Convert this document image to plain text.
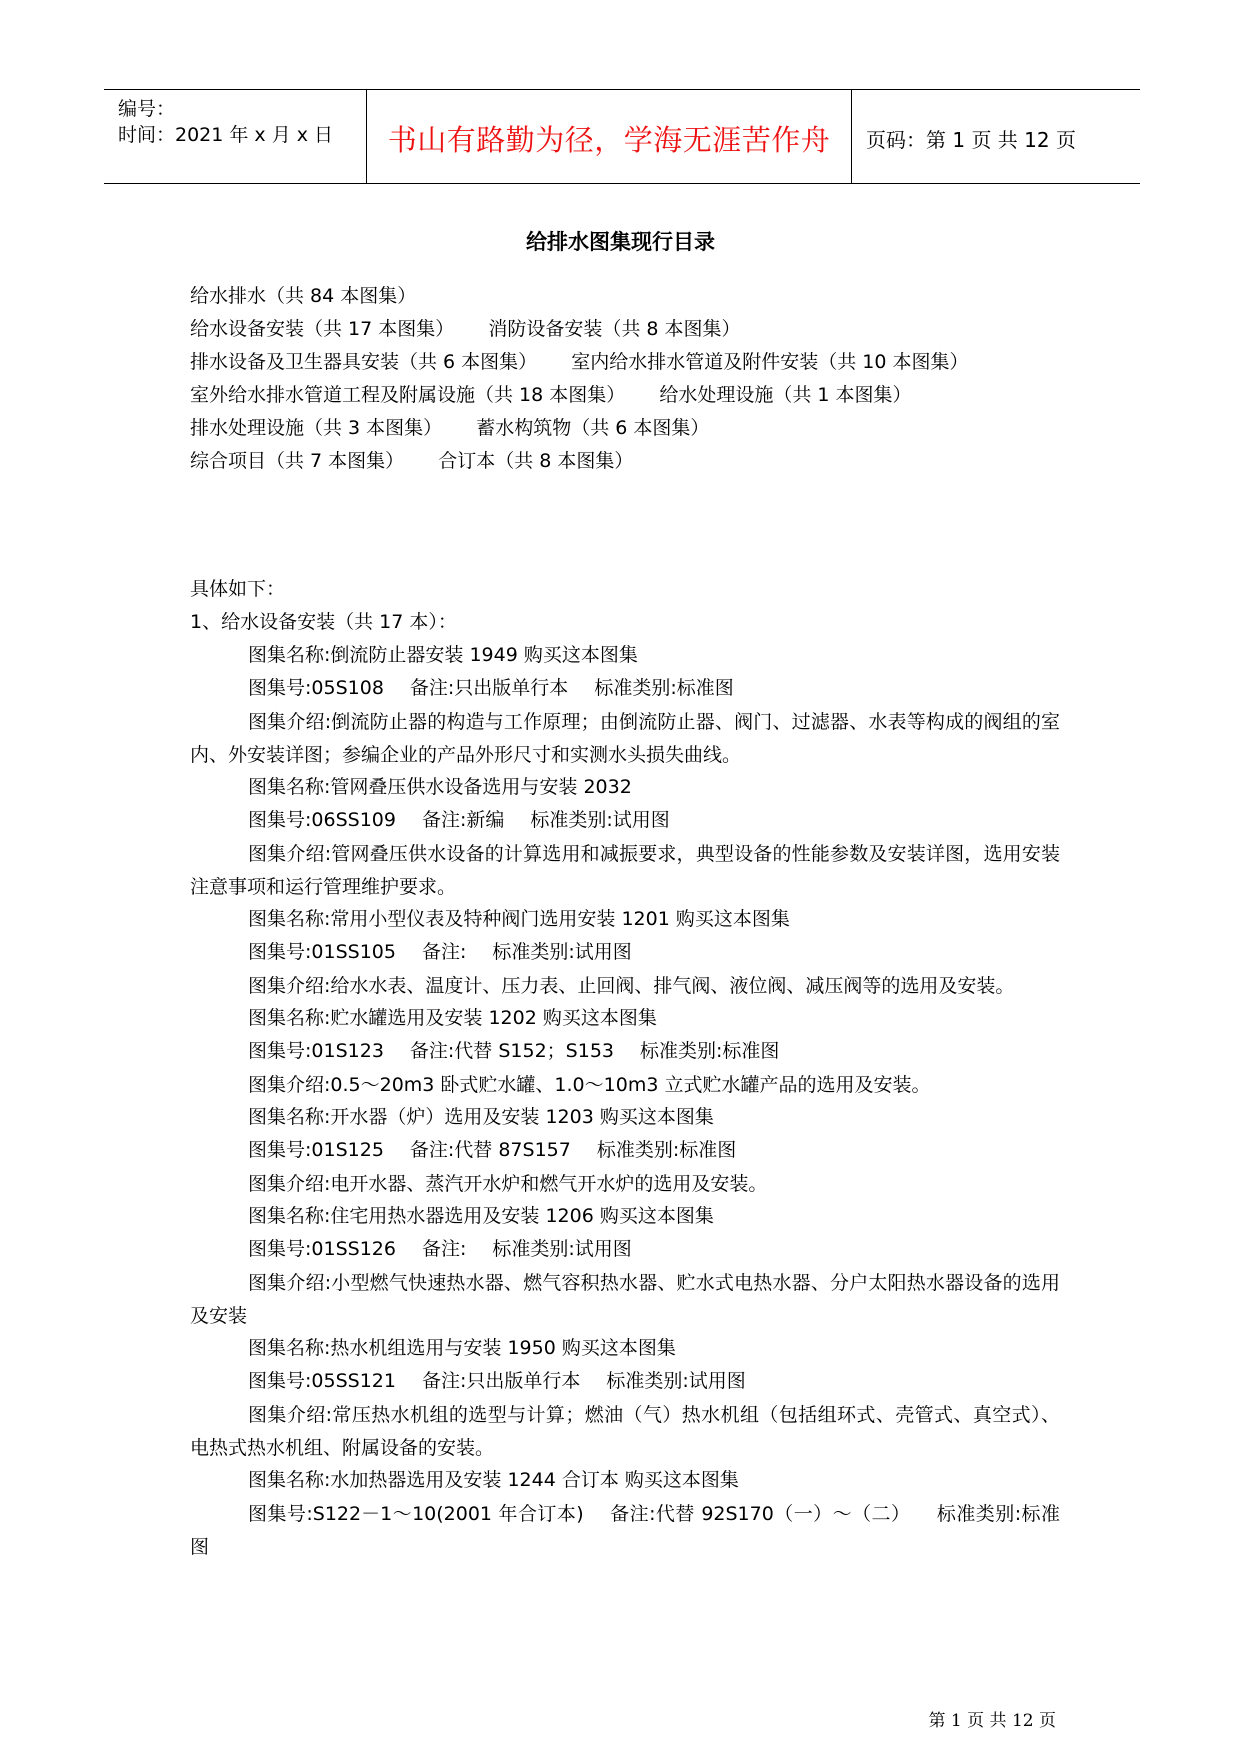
编号：
时间：2021 年 x 月 x 日	书山有路勤为径，学海无涯苦作舟	页码：第 1 页 共 12 页
给排水图集现行目录
给水排水（共 84 本图集）
给水设备安装（共 17 本图集） 消防设备安装（共 8 本图集）
排水设备及卫生器具安装（共 6 本图集） 室内给水排水管道及附件安装（共 10 本图集）
室外给水排水管道工程及附属设施（共 18 本图集） 给水处理设施（共 1 本图集）
排水处理设施（共 3 本图集） 蓄水构筑物（共 6 本图集）
综合项目（共 7 本图集） 合订本（共 8 本图集）
具体如下：
1、给水设备安装（共 17 本）：
图集名称:倒流防止器安装 1949 购买这本图集
图集号:05S108 备注:只出版单行本 标准类别:标准图
图集介绍:倒流防止器的构造与工作原理；由倒流防止器、阀门、过滤器、水表等构成的阀组的室内、外安装详图；参编企业的产品外形尺寸和实测水头损失曲线。
图集名称:管网叠压供水设备选用与安装 2032
图集号:06SS109 备注:新编 标准类别:试用图
图集介绍:管网叠压供水设备的计算选用和减振要求，典型设备的性能参数及安装详图，选用安装注意事项和运行管理维护要求。
图集名称:常用小型仪表及特种阀门选用安装 1201 购买这本图集
图集号:01SS105 备注: 标准类别:试用图
图集介绍:给水水表、温度计、压力表、止回阀、排气阀、液位阀、减压阀等的选用及安装。
图集名称:贮水罐选用及安装 1202 购买这本图集
图集号:01S123 备注:代替 S152；S153 标准类别:标准图
图集介绍:0.5～20m3 卧式贮水罐、1.0～10m3 立式贮水罐产品的选用及安装。
图集名称:开水器（炉）选用及安装 1203 购买这本图集
图集号:01S125 备注:代替 87S157 标准类别:标准图
图集介绍:电开水器、蒸汽开水炉和燃气开水炉的选用及安装。
图集名称:住宅用热水器选用及安装 1206 购买这本图集
图集号:01SS126 备注: 标准类别:试用图
图集介绍:小型燃气快速热水器、燃气容积热水器、贮水式电热水器、分户太阳热水器设备的选用及安装
图集名称:热水机组选用与安装 1950 购买这本图集
图集号:05SS121 备注:只出版单行本 标准类别:试用图
图集介绍:常压热水机组的选型与计算；燃油（气）热水机组（包括组环式、壳管式、真空式）、电热式热水机组、附属设备的安装。
图集名称:水加热器选用及安装 1244 合订本 购买这本图集
图集号:S122－1～10(2001 年合订本) 备注:代替 92S170（一）～（二） 标准类别:标准图
第 1 页 共 12 页
